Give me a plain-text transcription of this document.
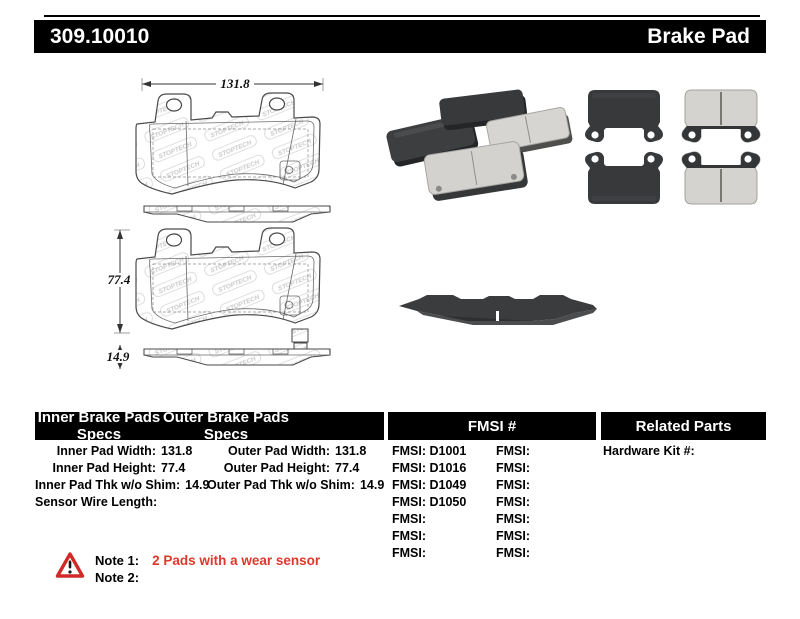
309.10010	Brake Pad
131.8
77.4
14.9
Inner Brake Pads Specs
Outer Brake Pads Specs	FMSI #	Related Parts
Inner Pad Width: 131.8
Inner Pad Height: 77.4
Inner Pad Thk w/o Shim: 14.9
Sensor Wire Length:
Outer Pad Width: 131.8
Outer Pad Height: 77.4
Outer Pad Thk w/o Shim: 14.9
FMSI: D1001	FMSI:
FMSI: D1016	FMSI:
FMSI: D1049	FMSI:
FMSI: D1050	FMSI:
FMSI:	FMSI:
FMSI:	FMSI:
FMSI:	FMSI:
Hardware Kit #:
Note 1: 2 Pads with a wear sensor
Note 2:
